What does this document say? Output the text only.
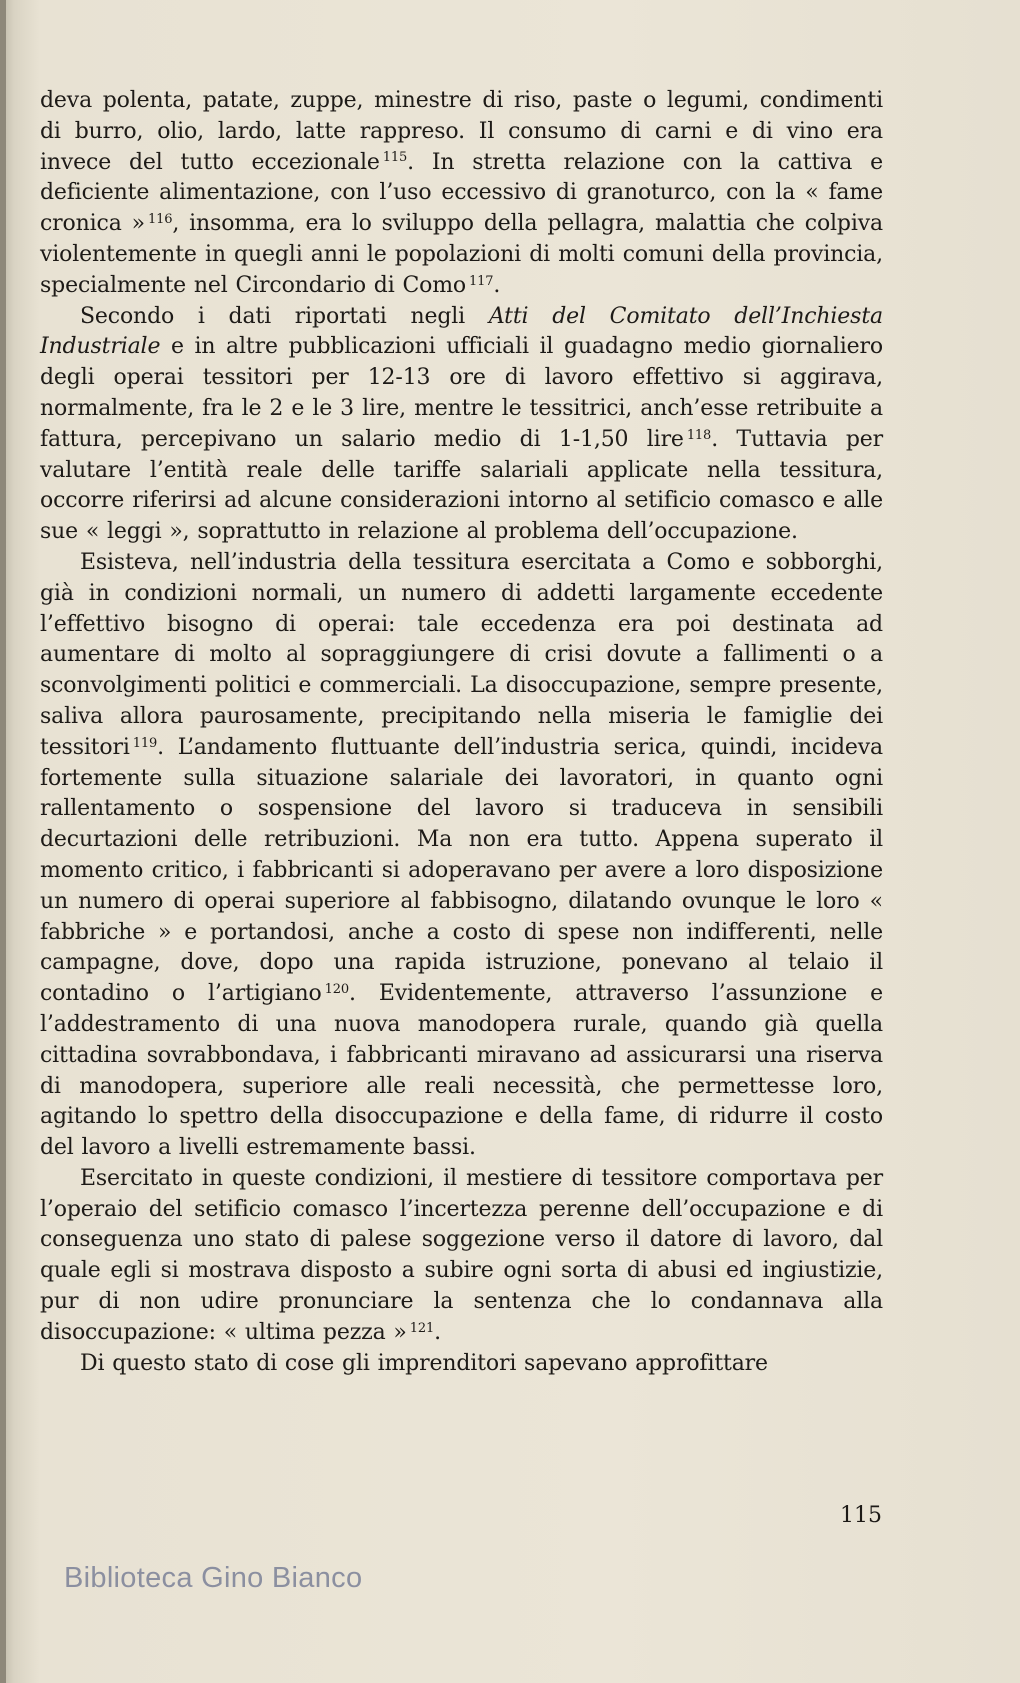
deva polenta, patate, zuppe, minestre di riso, paste o legumi, condimenti di burro, olio, lardo, latte rappreso. Il consumo di carni e di vino era invece del tutto eccezionale $^{115}$. In stretta relazione con la cattiva e deficiente alimentazione, con l’uso eccessivo di granoturco, con la « fame cronica » $^{116}$, insomma, era lo sviluppo della pellagra, malattia che colpiva violentemente in quegli anni le popolazioni di molti comuni della provincia, specialmente nel Circondario di Como $^{117}$.

Secondo i dati riportati negli Atti del Comitato dell’Inchiesta Industriale e in altre pubblicazioni ufficiali il guadagno medio giornaliero degli operai tessitori per 12-13 ore di lavoro effettivo si aggirava, normalmente, fra le 2 e le 3 lire, mentre le tessitrici, anch’esse retribuite a fattura, percepivano un salario medio di 1-1,50 lire $^{118}$. Tuttavia per valutare l’entità reale delle tariffe salariali applicate nella tessitura, occorre riferirsi ad alcune considerazioni intorno al setificio comasco e alle sue « leggi », soprattutto in relazione al problema dell’occupazione.

Esisteva, nell’industria della tessitura esercitata a Como e sobborghi, già in condizioni normali, un numero di addetti largamente eccedente l’effettivo bisogno di operai: tale eccedenza era poi destinata ad aumentare di molto al sopraggiungere di crisi dovute a fallimenti o a sconvolgimenti politici e commerciali. La disoccupazione, sempre presente, saliva allora paurosamente, precipitando nella miseria le famiglie dei tessitori $^{119}$. L’andamento fluttuante dell’industria serica, quindi, incideva fortemente sulla situazione salariale dei lavoratori, in quanto ogni rallentamento o sospensione del lavoro si traduceva in sensibili decurtazioni delle retribuzioni. Ma non era tutto. Appena superato il momento critico, i fabbricanti si adoperavano per avere a loro disposizione un numero di operai superiore al fabbisogno, dilatando ovunque le loro « fabbriche » e portandosi, anche a costo di spese non indifferenti, nelle campagne, dove, dopo una rapida istruzione, ponevano al telaio il contadino o l’artigiano $^{120}$. Evidentemente, attraverso l’assunzione e l’addestramento di una nuova manodopera rurale, quando già quella cittadina sovrabbondava, i fabbricanti miravano ad assicurarsi una riserva di manodopera, superiore alle reali necessità, che permettesse loro, agitando lo spettro della disoccupazione e della fame, di ridurre il costo del lavoro a livelli estremamente bassi.

Esercitato in queste condizioni, il mestiere di tessitore comportava per l’operaio del setificio comasco l’incertezza perenne dell’occupazione e di conseguenza uno stato di palese soggezione verso il datore di lavoro, dal quale egli si mostrava disposto a subire ogni sorta di abusi ed ingiustizie, pur di non udire pronunciare la sentenza che lo condannava alla disoccupazione: « ultima pezza » $^{121}$.

Di questo stato di cose gli imprenditori sapevano approfittare

115
Biblioteca Gino Bianco
